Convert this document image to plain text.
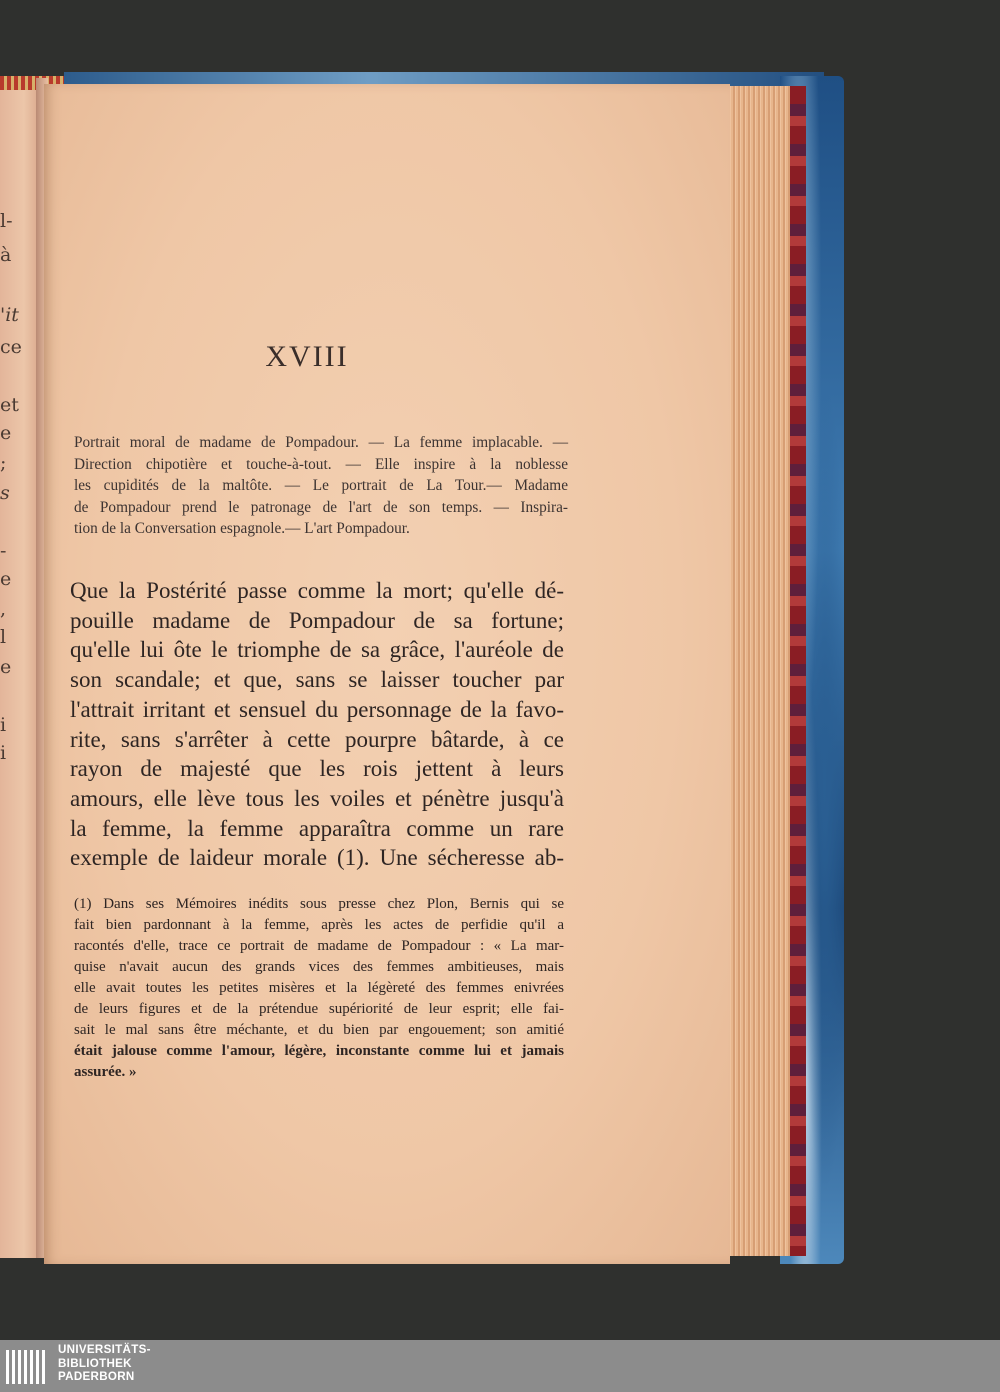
l-
à
'it
ce
et
e
;
s
-
e
,
l
e
i
i
XVIII
Portrait moral de madame de Pompadour. — La femme implacable. —
Direction chipotière et touche-à-tout. — Elle inspire à la noblesse
les cupidités de la maltôte. — Le portrait de La Tour.— Madame
de Pompadour prend le patronage de l'art de son temps. — Inspira-
tion de la Conversation espagnole.— L'art Pompadour.
Que la Postérité passe comme la mort; qu'elle dé-
pouille madame de Pompadour de sa fortune;
qu'elle lui ôte le triomphe de sa grâce, l'auréole de
son scandale; et que, sans se laisser toucher par
l'attrait irritant et sensuel du personnage de la favo-
rite, sans s'arrêter à cette pourpre bâtarde, à ce
rayon de majesté que les rois jettent à leurs
amours, elle lève tous les voiles et pénètre jusqu'à
la femme, la femme apparaîtra comme un rare
exemple de laideur morale (1). Une sécheresse ab-
(1) Dans ses Mémoires inédits sous presse chez Plon, Bernis qui se
fait bien pardonnant à la femme, après les actes de perfidie qu'il a
racontés d'elle, trace ce portrait de madame de Pompadour : « La mar-
quise n'avait aucun des grands vices des femmes ambitieuses, mais
elle avait toutes les petites misères et la légèreté des femmes enivrées
de leurs figures et de la prétendue supériorité de leur esprit; elle fai-
sait le mal sans être méchante, et du bien par engouement; son amitié
était jalouse comme l'amour, légère, inconstante comme lui et jamais
assurée. »
UNIVERSITÄTS-
BIBLIOTHEK
PADERBORN
